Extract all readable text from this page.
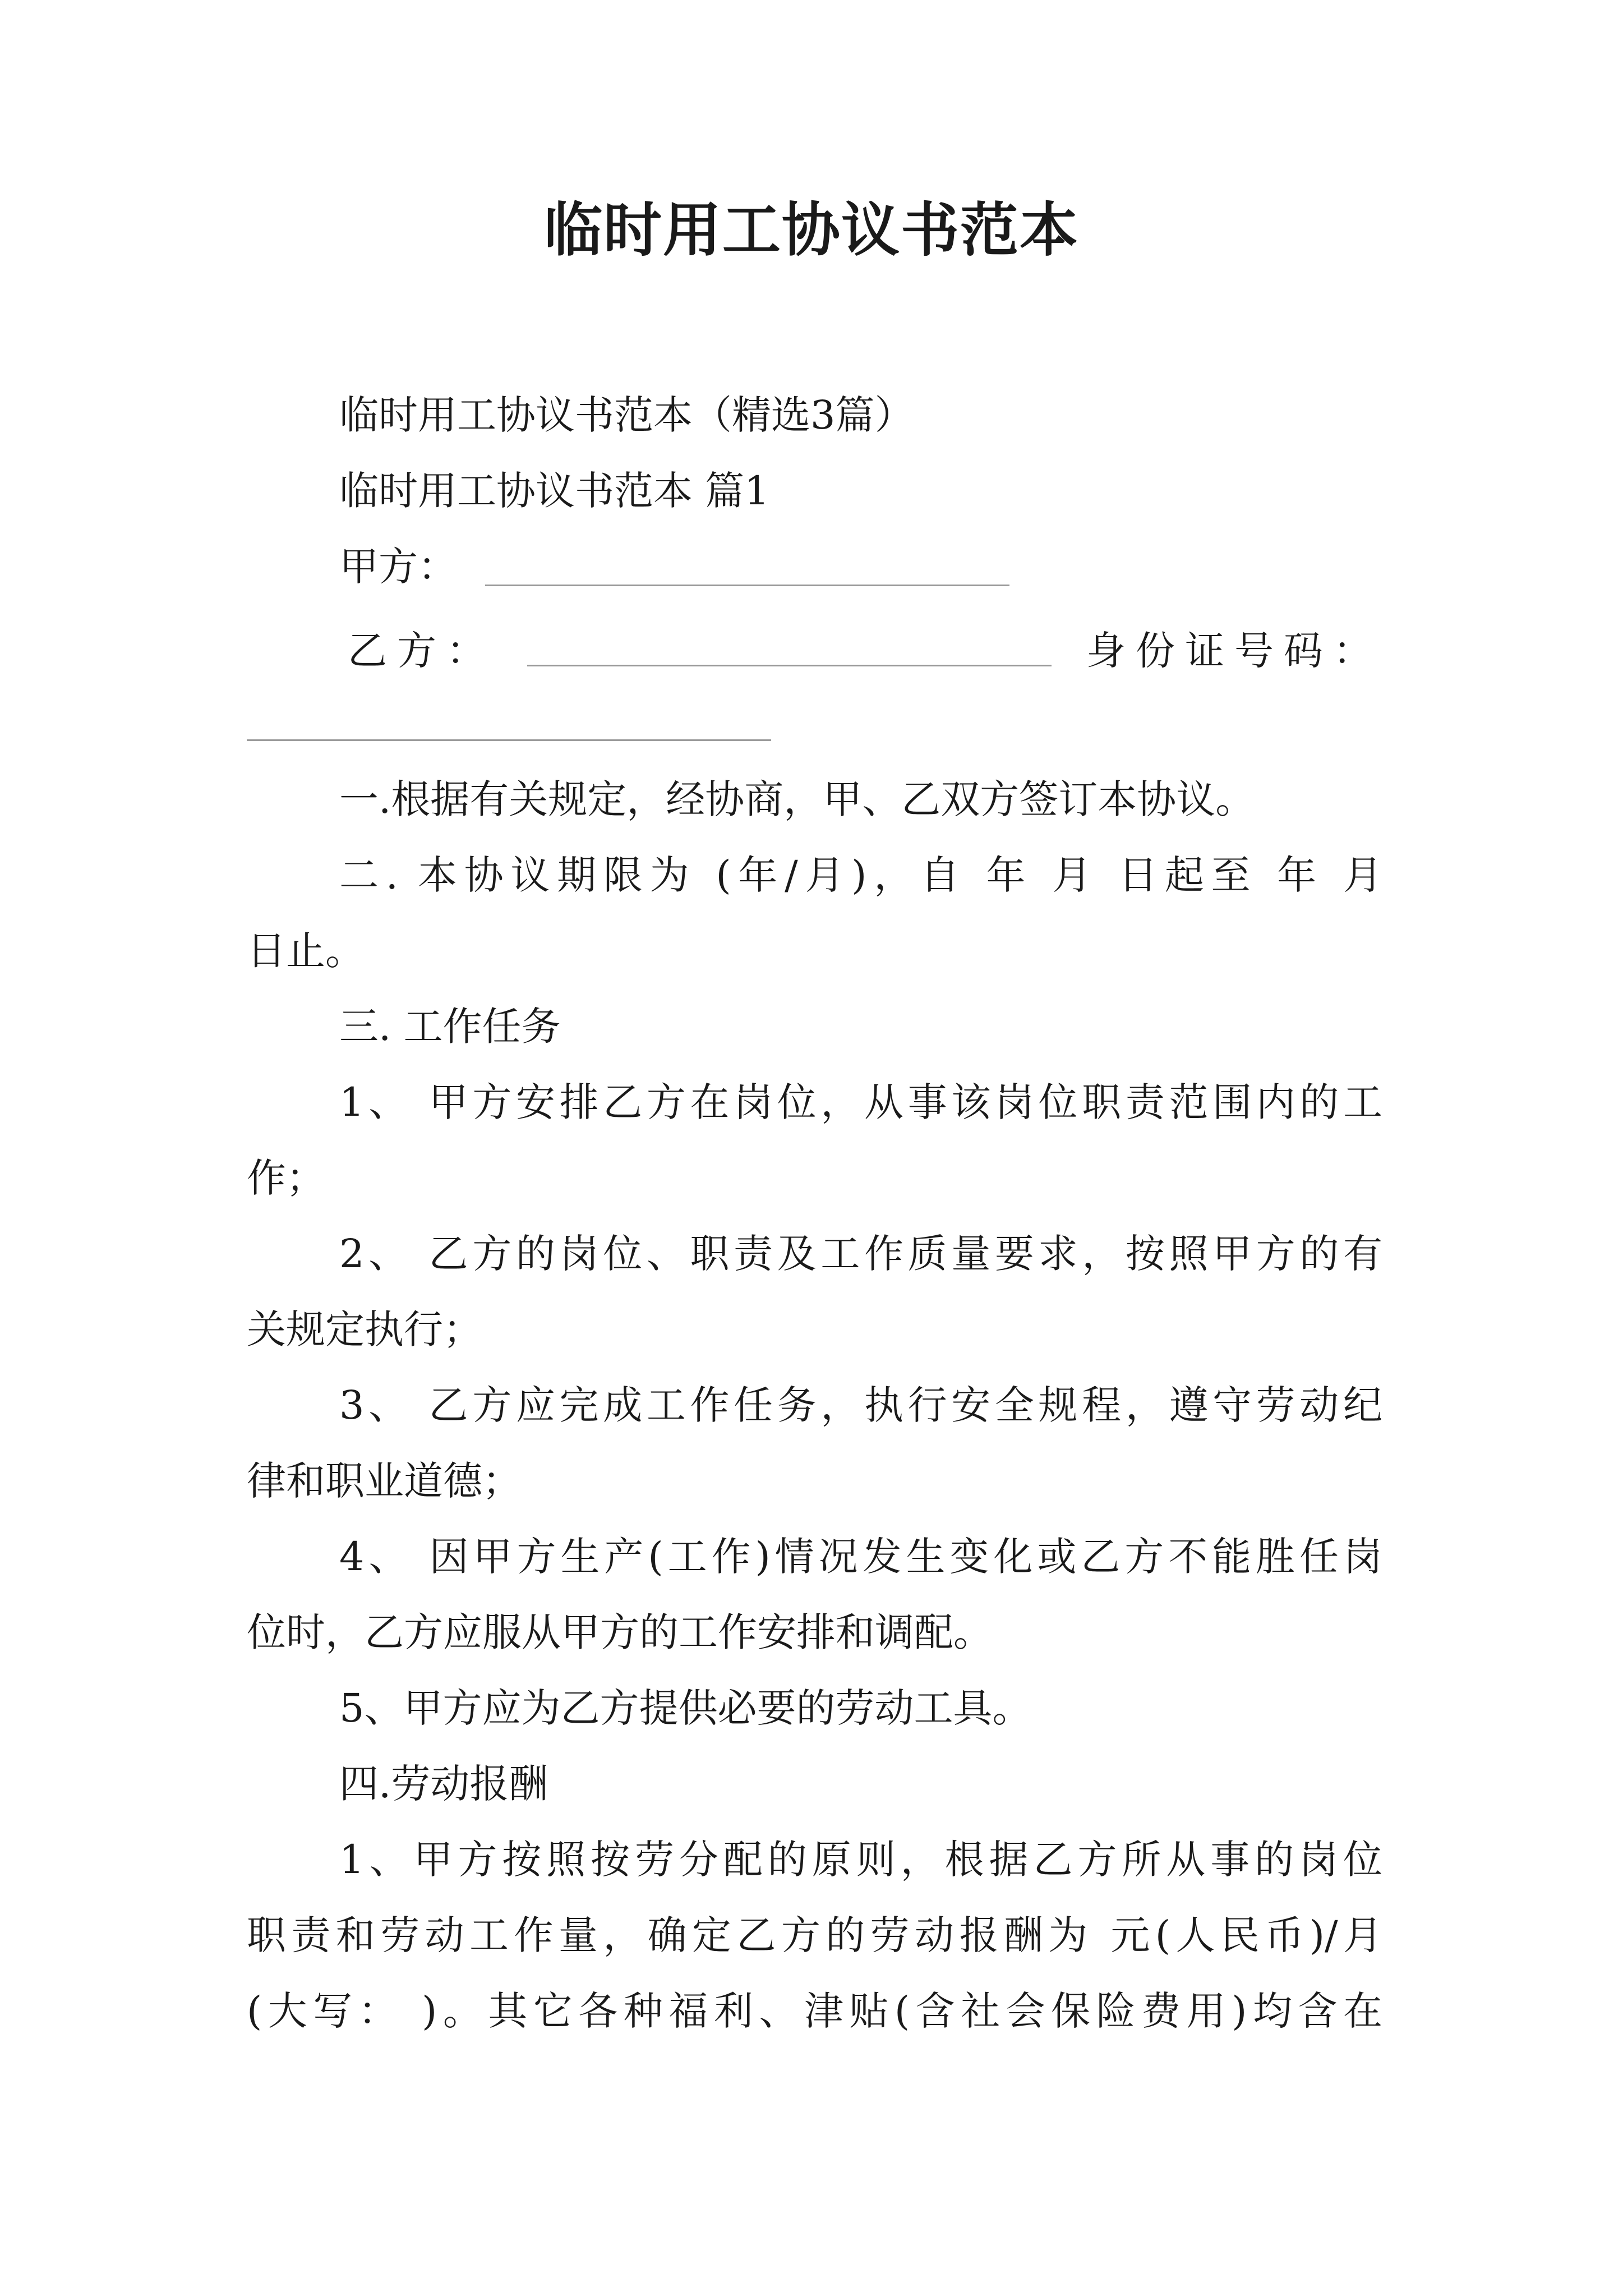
临时用工协议书范本
临时用工协议书范本（精选3篇）
临时用工协议书范本 篇1
甲方：
乙方：	身份证号码：
一.根据有关规定，经协商，甲、乙双方签订本协议。
二. 本协议期限为 (年/月)，自 年 月 日起至 年 月
日止。
三. 工作任务
1、 甲方安排乙方在岗位，从事该岗位职责范围内的工
作；
2、 乙方的岗位、职责及工作质量要求，按照甲方的有
关规定执行；
3、 乙方应完成工作任务，执行安全规程，遵守劳动纪
律和职业道德；
4、 因甲方生产(工作)情况发生变化或乙方不能胜任岗
位时，乙方应服从甲方的工作安排和调配。
5、甲方应为乙方提供必要的劳动工具。
四.劳动报酬
1、甲方按照按劳分配的原则，根据乙方所从事的岗位
职责和劳动工作量，确定乙方的劳动报酬为 元(人民币)/月
(大写： )。其它各种福利、津贴(含社会保险费用)均含在
